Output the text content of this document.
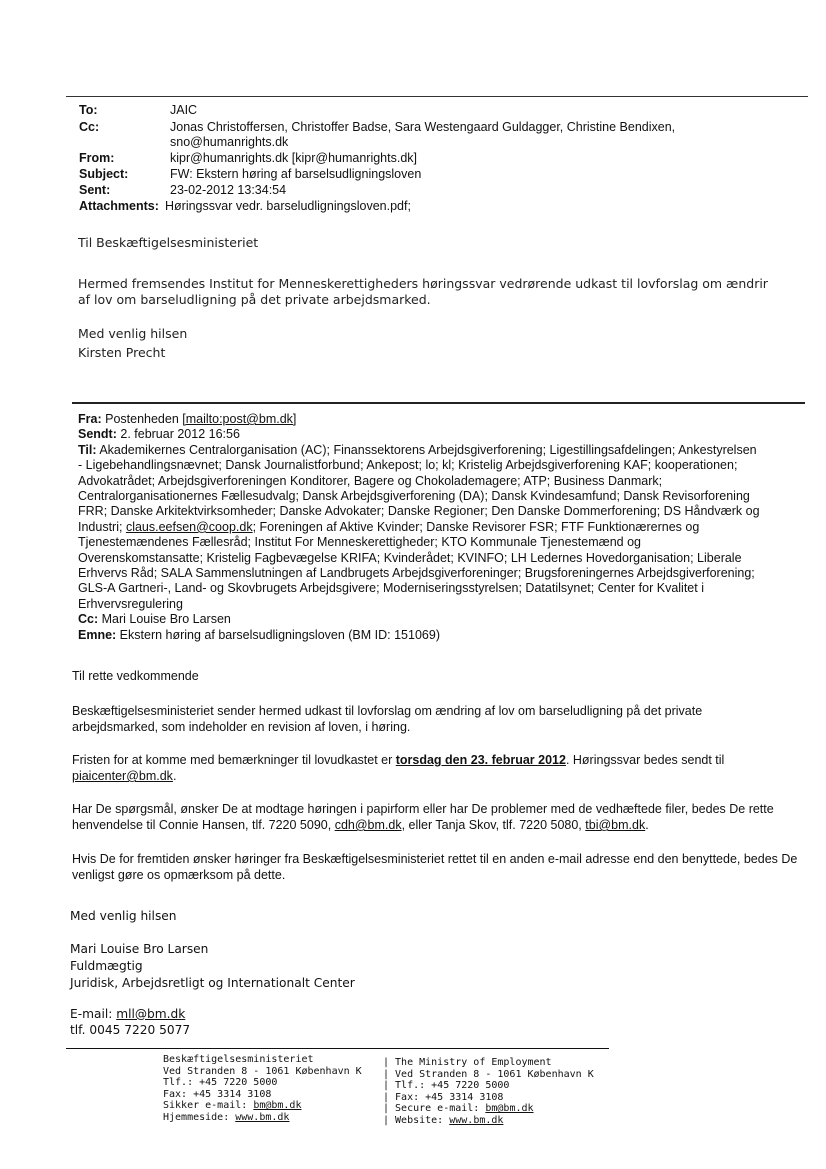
To:	JAIC
Cc:	Jonas Christoffersen, Christoffer Badse, Sara Westengaard Guldagger, Christine Bendixen,
sno@humanrights.dk
From:	kipr@humanrights.dk [kipr@humanrights.dk]
Subject:	FW: Ekstern høring af barselsudligningsloven
Sent:	23-02-2012 13:34:54
Attachments: Høringssvar vedr. barseludligningsloven.pdf;
Til Beskæftigelsesministeriet
Hermed fremsendes Institut for Menneskerettigheders høringssvar vedrørende udkast til lovforslag om ændrir
af lov om barseludligning på det private arbejdsmarked.
Med venlig hilsen
Kirsten Precht
Fra: Postenheden [mailto:post@bm.dk]
Sendt: 2. februar 2012 16:56
Til: Akademikernes Centralorganisation (AC); Finanssektorens Arbejdsgiverforening; Ligestillingsafdelingen; Ankestyrelsen
- Ligebehandlingsnævnet; Dansk Journalistforbund; Ankepost; lo; kl; Kristelig Arbejdsgiverforening KAF; kooperationen;
Advokatrådet; Arbejdsgiverforeningen Konditorer, Bagere og Chokolademagere; ATP; Business Danmark;
Centralorganisationernes Fællesudvalg; Dansk Arbejdsgiverforening (DA); Dansk Kvindesamfund; Dansk Revisorforening
FRR; Danske Arkitektvirksomheder; Danske Advokater; Danske Regioner; Den Danske Dommerforening; DS Håndværk og
Industri; claus.eefsen@coop.dk; Foreningen af Aktive Kvinder; Danske Revisorer FSR; FTF Funktionærernes og
Tjenestemændenes Fællesråd; Institut For Menneskerettigheder; KTO Kommunale Tjenestemænd og
Overenskomstansatte; Kristelig Fagbevægelse KRIFA; Kvinderådet; KVINFO; LH Ledernes Hovedorganisation; Liberale
Erhvervs Råd; SALA Sammenslutningen af Landbrugets Arbejdsgiverforeninger; Brugsforeningernes Arbejdsgiverforening;
GLS-A Gartneri-, Land- og Skovbrugets Arbejdsgivere; Moderniseringsstyrelsen; Datatilsynet; Center for Kvalitet i
Erhvervsregulering
Cc: Mari Louise Bro Larsen
Emne: Ekstern høring af barselsudligningsloven (BM ID: 151069)
Til rette vedkommende
Beskæftigelsesministeriet sender hermed udkast til lovforslag om ændring af lov om barseludligning på det private arbejdsmarked, som indeholder en revision af loven, i høring.
Fristen for at komme med bemærkninger til lovudkastet er torsdag den 23. februar 2012. Høringssvar bedes sendt til
piaicenter@bm.dk.
Har De spørgsmål, ønsker De at modtage høringen i papirform eller har De problemer med de vedhæftede filer, bedes De rette henvendelse til Connie Hansen, tlf. 7220 5090, cdh@bm.dk, eller Tanja Skov, tlf. 7220 5080, tbi@bm.dk.
Hvis De for fremtiden ønsker høringer fra Beskæftigelsesministeriet rettet til en anden e-mail adresse end den benyttede, bedes De venligst gøre os opmærksom på dette.
Med venlig hilsen
Mari Louise Bro Larsen
Fuldmægtig
Juridisk, Arbejdsretligt og Internationalt Center
E-mail: mll@bm.dk
tlf. 0045 7220 5077
Beskæftigelsesministeriet
Ved Stranden 8 - 1061 København K
Tlf.: +45 7220 5000
Fax: +45 3314 3108
Sikker e-mail: bm@bm.dk
Hjemmeside: www.bm.dk
| The Ministry of Employment
| Ved Stranden 8 - 1061 København K
| Tlf.: +45 7220 5000
| Fax: +45 3314 3108
| Secure e-mail: bm@bm.dk
| Website: www.bm.dk
